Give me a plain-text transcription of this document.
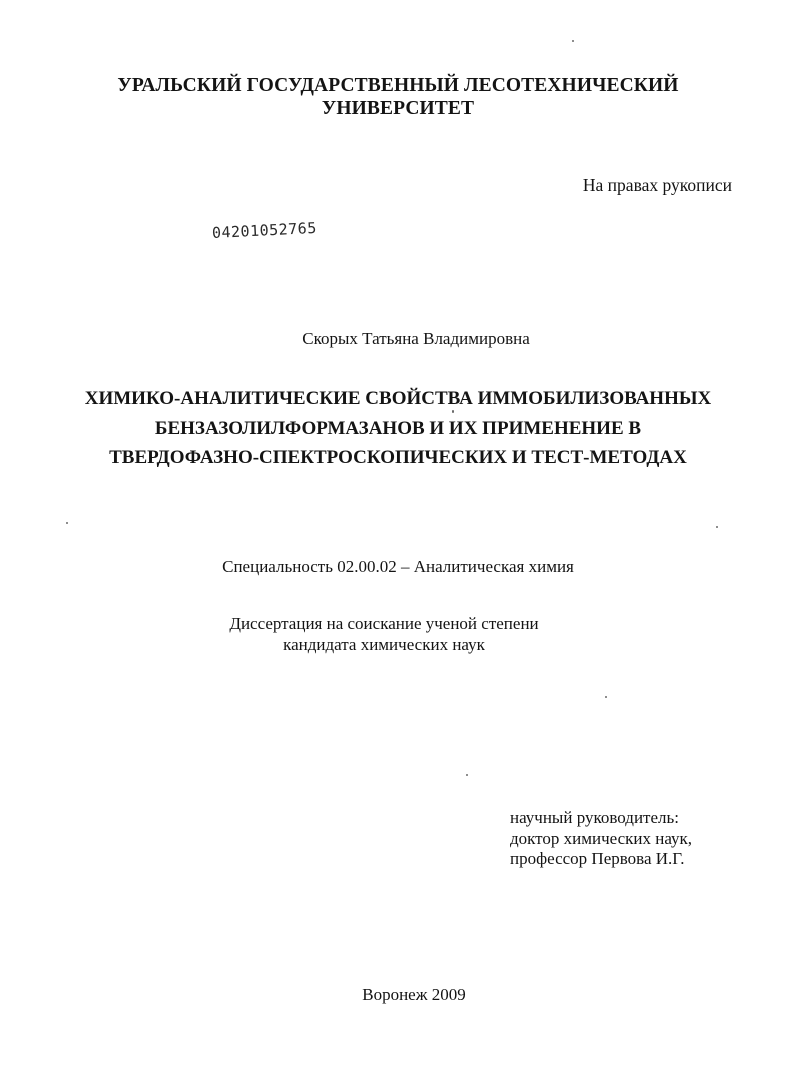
УРАЛЬСКИЙ ГОСУДАРСТВЕННЫЙ ЛЕСОТЕХНИЧЕСКИЙ
УНИВЕРСИТЕТ
На правах рукописи
04201052765
Скорых Татьяна Владимировна
ХИМИКО-АНАЛИТИЧЕСКИЕ СВОЙСТВА ИММОБИЛИЗОВАННЫХ
БЕНЗАЗОЛИЛФОРМАЗАНОВ И ИХ ПРИМЕНЕНИЕ В
ТВЕРДОФАЗНО-СПЕКТРОСКОПИЧЕСКИХ И ТЕСТ-МЕТОДАХ
Специальность 02.00.02 – Аналитическая химия
Диссертация на соискание ученой степени
кандидата химических наук
научный руководитель:
доктор химических наук,
профессор Первова И.Г.
Воронеж 2009
